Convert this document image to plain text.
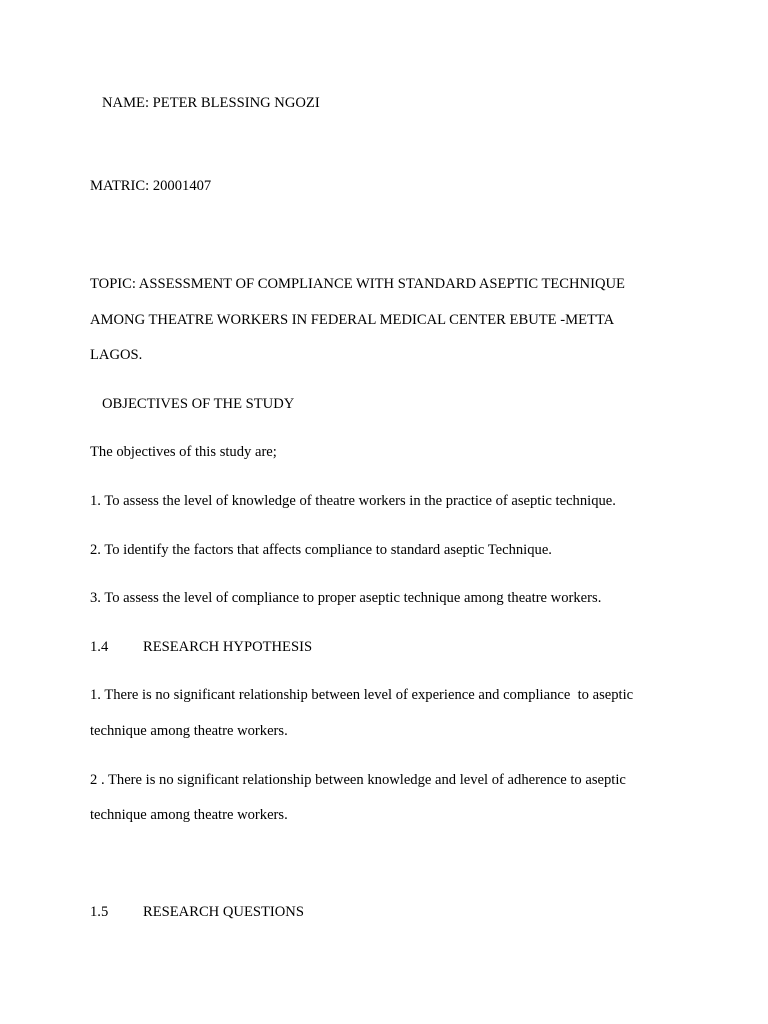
NAME: PETER BLESSING NGOZI
MATRIC: 20001407
TOPIC: ASSESSMENT OF COMPLIANCE WITH STANDARD ASEPTIC TECHNIQUE
AMONG THEATRE WORKERS IN FEDERAL MEDICAL CENTER EBUTE -METTA
LAGOS.
OBJECTIVES OF THE STUDY
The objectives of this study are;
1. To assess the level of knowledge of theatre workers in the practice of aseptic technique.
2. To identify the factors that affects compliance to standard aseptic Technique.
3. To assess the level of compliance to proper aseptic technique among theatre workers.
1.4 RESEARCH HYPOTHESIS
1. There is no significant relationship between level of experience and compliance  to aseptic
technique among theatre workers.
2 . There is no significant relationship between knowledge and level of adherence to aseptic
technique among theatre workers.
1.5 RESEARCH QUESTIONS
